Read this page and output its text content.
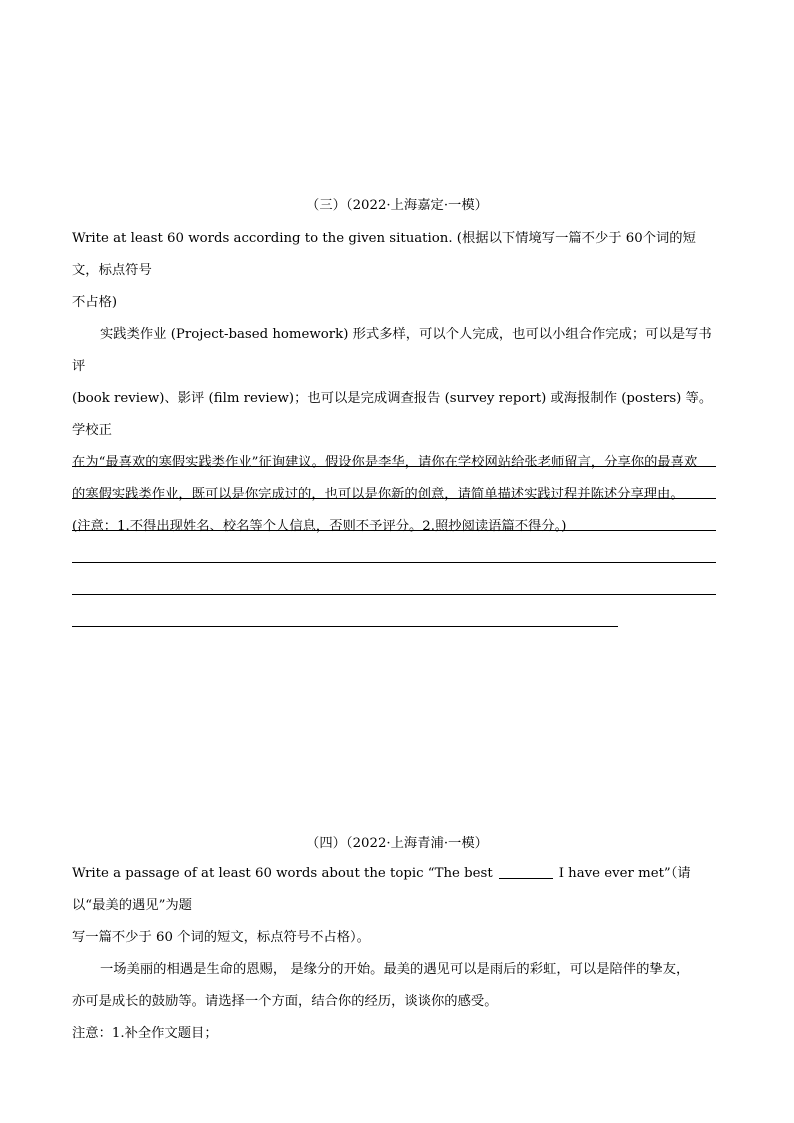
（三）（2022·上海嘉定·一模）

Write at least 60 words according to the given situation. (根据以下情境写一篇不少于 60个词的短文，标点符号

不占格)

实践类作业 (Project-based homework) 形式多样，可以个人完成，也可以小组合作完成；可以是写书评

(book review)、影评 (film review)；也可以是完成调查报告 (survey report) 或海报制作 (posters) 等。学校正

在为“最喜欢的寒假实践类作业”征询建议。假设你是李华，请你在学校网站给张老师留言，分享你的最喜欢

的寒假实践类作业，既可以是你完成过的，也可以是你新的创意，请简单描述实践过程并陈述分享理由。

(注意：1.不得出现姓名、校名等个人信息，否则不予评分。2.照抄阅读语篇不得分。)

（四）（2022·上海青浦·一模）

Write a passage of at least 60 words about the topic “The best	I have ever met”（请以“最美的遇见”为题

写一篇不少于 60 个词的短文，标点符号不占格）。

一场美丽的相遇是生命的恩赐， 是缘分的开始。最美的遇见可以是雨后的彩虹，可以是陪伴的挚友，

亦可是成长的鼓励等。请选择一个方面，结合你的经历，谈谈你的感受。

注意：1.补全作文题目；
